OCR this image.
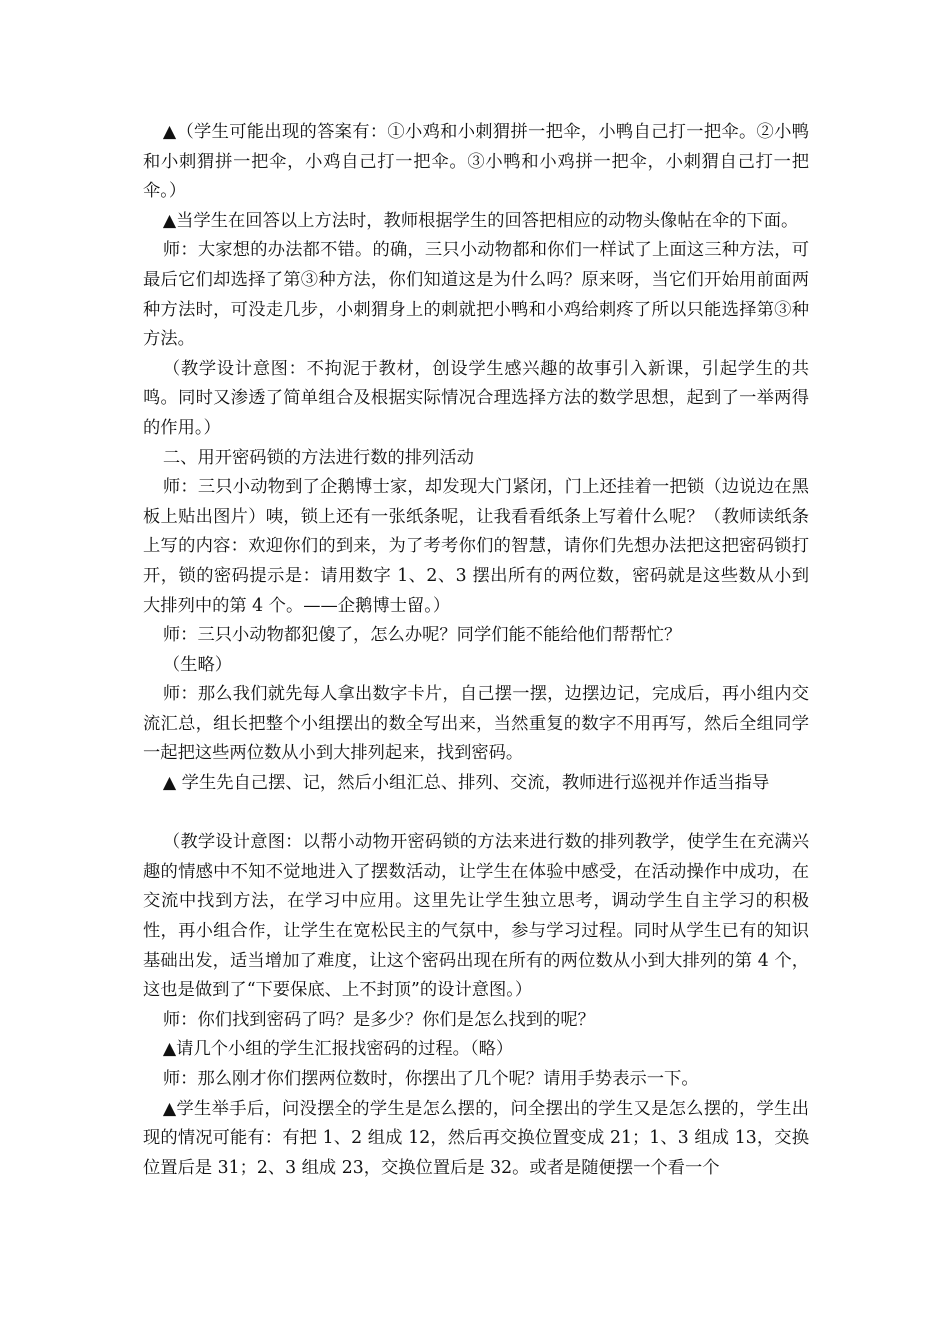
▲（学生可能出现的答案有：①小鸡和小刺猬拼一把伞，小鸭自己打一把伞。②小鸭和小刺猬拼一把伞，小鸡自己打一把伞。③小鸭和小鸡拼一把伞，小刺猬自己打一把伞。）

▲当学生在回答以上方法时，教师根据学生的回答把相应的动物头像帖在伞的下面。

师：大家想的办法都不错。的确，三只小动物都和你们一样试了上面这三种方法，可最后它们却选择了第③种方法，你们知道这是为什么吗？原来呀，当它们开始用前面两种方法时，可没走几步，小刺猬身上的刺就把小鸭和小鸡给刺疼了所以只能选择第③种方法。

（教学设计意图：不拘泥于教材，创设学生感兴趣的故事引入新课，引起学生的共鸣。同时又渗透了简单组合及根据实际情况合理选择方法的数学思想，起到了一举两得的作用。）

二、用开密码锁的方法进行数的排列活动

师：三只小动物到了企鹅博士家，却发现大门紧闭，门上还挂着一把锁（边说边在黑板上贴出图片）咦，锁上还有一张纸条呢，让我看看纸条上写着什么呢？（教师读纸条上写的内容：欢迎你们的到来，为了考考你们的智慧，请你们先想办法把这把密码锁打开，锁的密码提示是：请用数字 1、2、3 摆出所有的两位数，密码就是这些数从小到大排列中的第 4 个。——企鹅博士留。）

师：三只小动物都犯傻了，怎么办呢？同学们能不能给他们帮帮忙？

（生略）

师：那么我们就先每人拿出数字卡片，自己摆一摆，边摆边记，完成后，再小组内交流汇总，组长把整个小组摆出的数全写出来，当然重复的数字不用再写，然后全组同学一起把这些两位数从小到大排列起来，找到密码。

▲ 学生先自己摆、记，然后小组汇总、排列、交流，教师进行巡视并作适当指导

（教学设计意图：以帮小动物开密码锁的方法来进行数的排列教学，使学生在充满兴趣的情感中不知不觉地进入了摆数活动，让学生在体验中感受，在活动操作中成功，在交流中找到方法，在学习中应用。这里先让学生独立思考，调动学生自主学习的积极性，再小组合作，让学生在宽松民主的气氛中，参与学习过程。同时从学生已有的知识基础出发，适当增加了难度，让这个密码出现在所有的两位数从小到大排列的第 4 个，这也是做到了“下要保底、上不封顶”的设计意图。）

师：你们找到密码了吗？是多少？你们是怎么找到的呢？

▲请几个小组的学生汇报找密码的过程。（略）

师：那么刚才你们摆两位数时，你摆出了几个呢？请用手势表示一下。

▲学生举手后，问没摆全的学生是怎么摆的，问全摆出的学生又是怎么摆的，学生出现的情况可能有：有把 1、2 组成 12，然后再交换位置变成 21；1、3 组成 13，交换位置后是 31；2、3 组成 23，交换位置后是 32。或者是随便摆一个看一个
